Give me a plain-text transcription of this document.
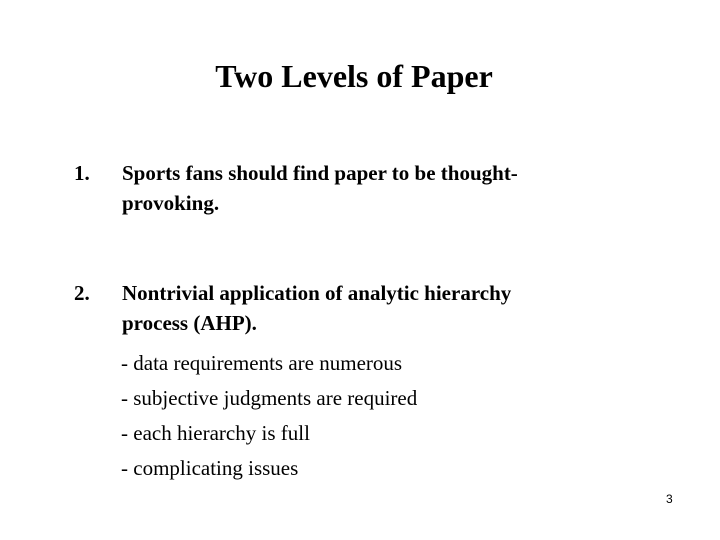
Two Levels of Paper
1. Sports fans should find paper to be thought-
provoking.
2. Nontrivial application of analytic hierarchy
process (AHP).
- data requirements are numerous
- subjective judgments are required
- each hierarchy is full
- complicating issues
3
